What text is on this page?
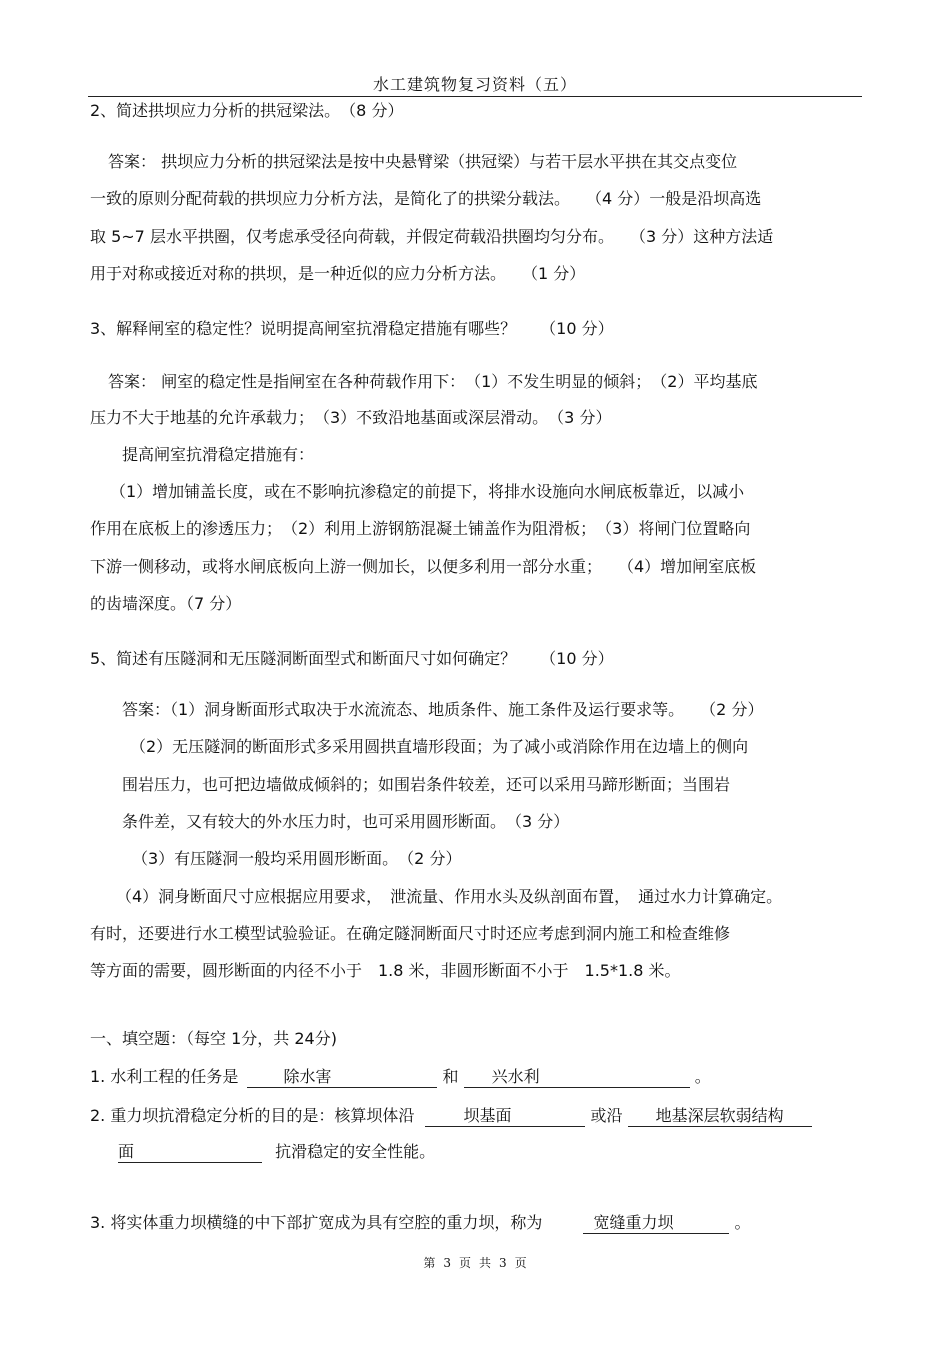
水工建筑物复习资料（五）
2、简述拱坝应力分析的拱冠梁法。　（8 分）
答案： 拱坝应力分析的拱冠梁法是按中央悬臂梁（拱冠梁）与若干层水平拱在其交点变位
一致的原则分配荷载的拱坝应力分析方法，是简化了的拱梁分载法。　　（4 分）一般是沿坝高选
取 5~7 层水平拱圈，仅考虑承受径向荷载，并假定荷载沿拱圈均匀分布。　　（3 分）这种方法适
用于对称或接近对称的拱坝，是一种近似的应力分析方法。　　（1 分）
3、解释闸室的稳定性？说明提高闸室抗滑稳定措施有哪些？　　（10 分）
答案： 闸室的稳定性是指闸室在各种荷载作用下：　（1）不发生明显的倾斜；　（2）平均基底
压力不大于地基的允许承载力；　（3）不致沿地基面或深层滑动。　（3 分）
提高闸室抗滑稳定措施有：
（1）增加铺盖长度，或在不影响抗渗稳定的前提下，将排水设施向水闸底板靠近，以减小
作用在底板上的渗透压力；　（2）利用上游钢筋混凝土铺盖作为阻滑板；　（3）将闸门位置略向
下游一侧移动，或将水闸底板向上游一侧加长，以便多利用一部分水重；　　（4）增加闸室底板
的齿墙深度。（7 分）
5、简述有压隧洞和无压隧洞断面型式和断面尺寸如何确定？　　（10 分）
答案：（1）洞身断面形式取决于水流流态、地质条件、施工条件及运行要求等。　　（2 分）
（2）无压隧洞的断面形式多采用圆拱直墙形段面；为了减小或消除作用在边墙上的侧向
围岩压力，也可把边墙做成倾斜的；如围岩条件较差，还可以采用马蹄形断面；当围岩
条件差，又有较大的外水压力时，也可采用圆形断面。　（3 分）
（3）有压隧洞一般均采用圆形断面。　（2 分）
（4）洞身断面尺寸应根据应用要求，　泄流量、作用水头及纵剖面布置，　通过水力计算确定。
有时，还要进行水工模型试验验证。在确定隧洞断面尺寸时还应考虑到洞内施工和检查维修
等方面的需要，圆形断面的内径不小于　1.8 米，非圆形断面不小于　1.5*1.8 米。
一、填空题：（每空 1分，共 24分)
1. 水利工程的任务是	除水害	和 兴水利	。
2. 重力坝抗滑稳定分析的目的是：核算坝体沿	坝基面	或沿 地基深层软弱结构
面	抗滑稳定的安全性能。
3. 将实体重力坝横缝的中下部扩宽成为具有空腔的重力坝，称为	宽缝重力坝	。
第 3 页 共 3 页
